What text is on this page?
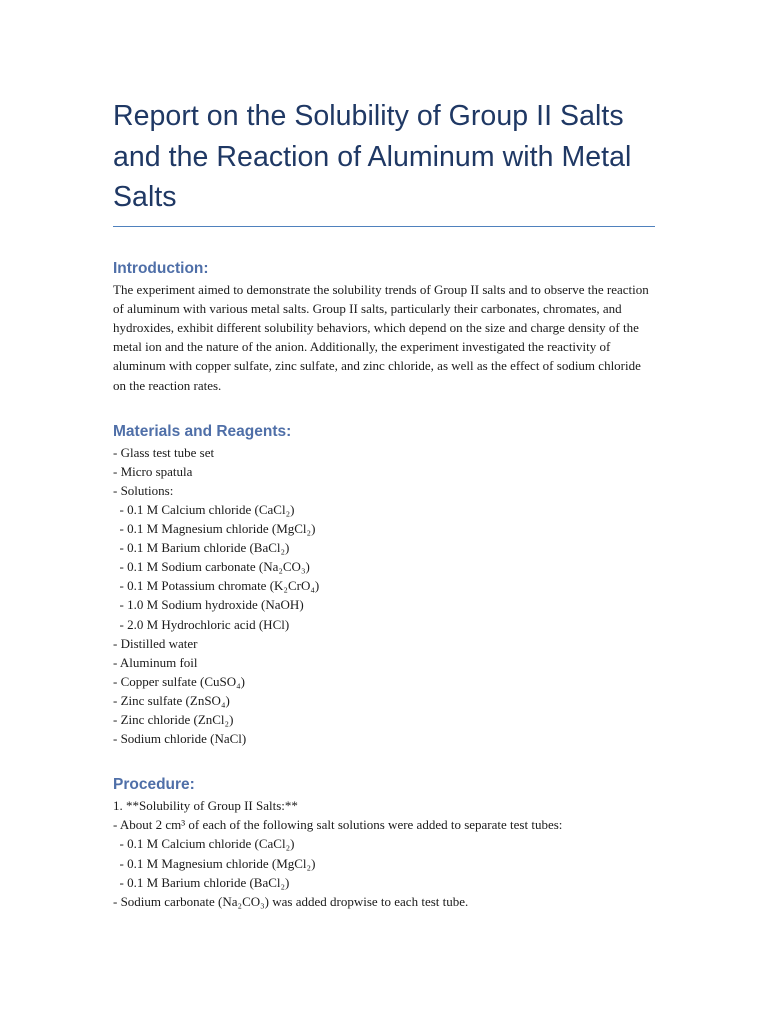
Report on the Solubility of Group II Salts and the Reaction of Aluminum with Metal Salts
Introduction:

The experiment aimed to demonstrate the solubility trends of Group II salts and to observe the reaction of aluminum with various metal salts. Group II salts, particularly their carbonates, chromates, and hydroxides, exhibit different solubility behaviors, which depend on the size and charge density of the metal ion and the nature of the anion. Additionally, the experiment investigated the reactivity of aluminum with copper sulfate, zinc sulfate, and zinc chloride, as well as the effect of sodium chloride on the reaction rates.

Materials and Reagents:
- Glass test tube set
- Micro spatula
- Solutions:
- 0.1 M Calcium chloride (CaCl₂)
- 0.1 M Magnesium chloride (MgCl₂)
- 0.1 M Barium chloride (BaCl₂)
- 0.1 M Sodium carbonate (Na₂CO₃)
- 0.1 M Potassium chromate (K₂CrO₄)
- 1.0 M Sodium hydroxide (NaOH)
- 2.0 M Hydrochloric acid (HCl)
- Distilled water
- Aluminum foil
- Copper sulfate (CuSO₄)
- Zinc sulfate (ZnSO₄)
- Zinc chloride (ZnCl₂)
- Sodium chloride (NaCl)
Procedure:
1. **Solubility of Group II Salts:**
- About 2 cm³ of each of the following salt solutions were added to separate test tubes:
- 0.1 M Calcium chloride (CaCl₂)
- 0.1 M Magnesium chloride (MgCl₂)
- 0.1 M Barium chloride (BaCl₂)
- Sodium carbonate (Na₂CO₃) was added dropwise to each test tube.
